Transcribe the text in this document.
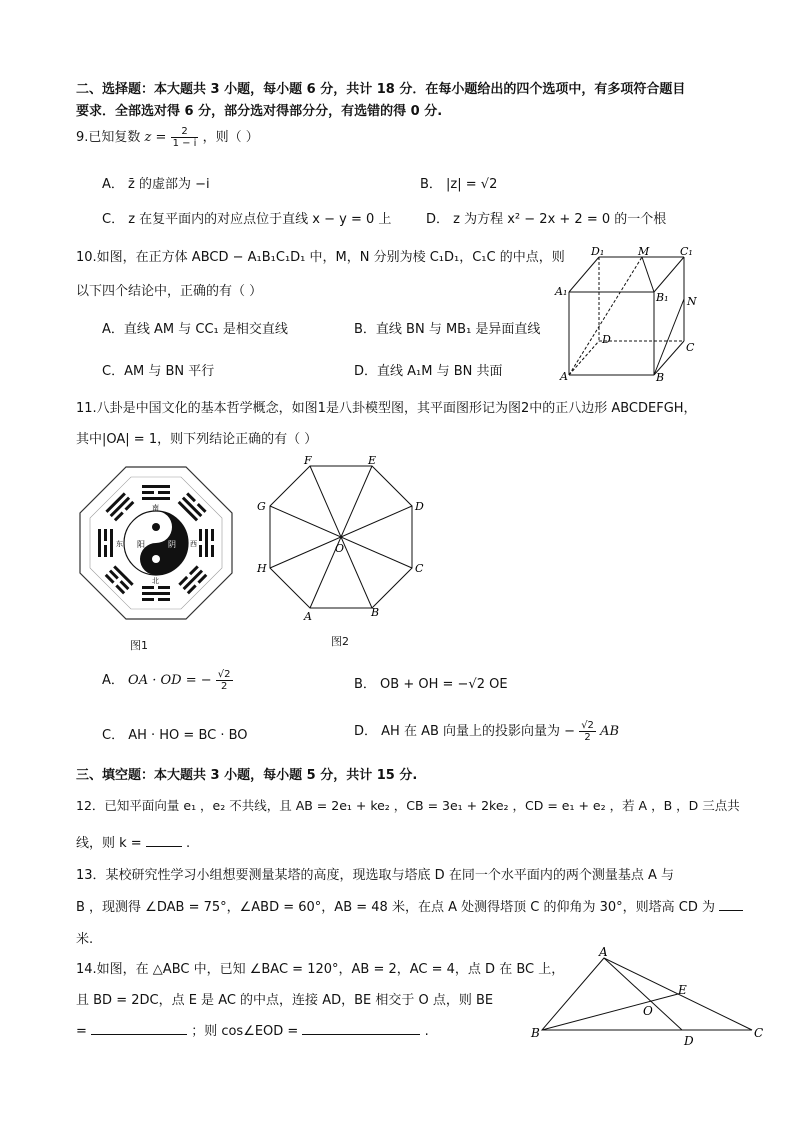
二、选择题：本大题共 3 小题，每小题 6 分，共计 18 分．在每小题给出的四个选项中，有多项符合题目
要求．全部选对得 6 分，部分选对得部分分，有选错的得 0 分.
9.已知复数 $z = \frac{2}{1 - i}$ ，则（ ）
A． z̄ 的虚部为 −i	B． |z| = √2
C． z 在复平面内的对应点位于直线 x − y = 0 上	D． z 为方程 x² − 2x + 2 = 0 的一个根
10.如图，在正方体 ABCD − A₁B₁C₁D₁ 中，M，N 分别为棱 C₁D₁，C₁C 的中点，则
以下四个结论中，正确的有（ ）
A．直线 AM 与 CC₁ 是相交直线	B．直线 BN 与 MB₁ 是异面直线
C．AM 与 BN 平行	D．直线 A₁M 与 BN 共面
D₁	M	C₁
A₁	B₁ N
D
C
A	B
11.八卦是中国文化的基本哲学概念，如图1是八卦模型图，其平面图形记为图2中的正八边形 ABCDEFGH，
其中|OA| = 1，则下列结论正确的有（ ）
阳	阴
南
北
东	西
图1
F	E
G	D
O
H	C
A	B
图2
A． OA · OD = − $\frac{√2}{2}$	B． OB + OH = −√2 OE
C． AH · HO = BC · BO	D． AH 在 AB 向量上的投影向量为 − $\frac{√2}{2}$ AB
三、填空题：本大题共 3 小题，每小题 5 分，共计 15 分.
12．已知平面向量 e₁ ，e₂ 不共线，且 AB = 2e₁ + ke₂ ，CB = 3e₁ + 2ke₂ ，CD = e₁ + e₂ ，若 A ，B ，D 三点共
线，则 k =	.
13．某校研究性学习小组想要测量某塔的高度，现选取与塔底 D 在同一个水平面内的两个测量基点 A 与
B ，现测得 ∠DAB = 75°，∠ABD = 60°，AB = 48 米，在点 A 处测得塔顶 C 的仰角为 30°，则塔高 CD 为
米.
14.如图，在 △ABC 中，已知 ∠BAC = 120°，AB = 2，AC = 4，点 D 在 BC 上，
且 BD = 2DC，点 E 是 AC 的中点，连接 AD，BE 相交于 O 点，则 BE
=	；则 cos∠EOD =	.
A
E
O
B
D
C
